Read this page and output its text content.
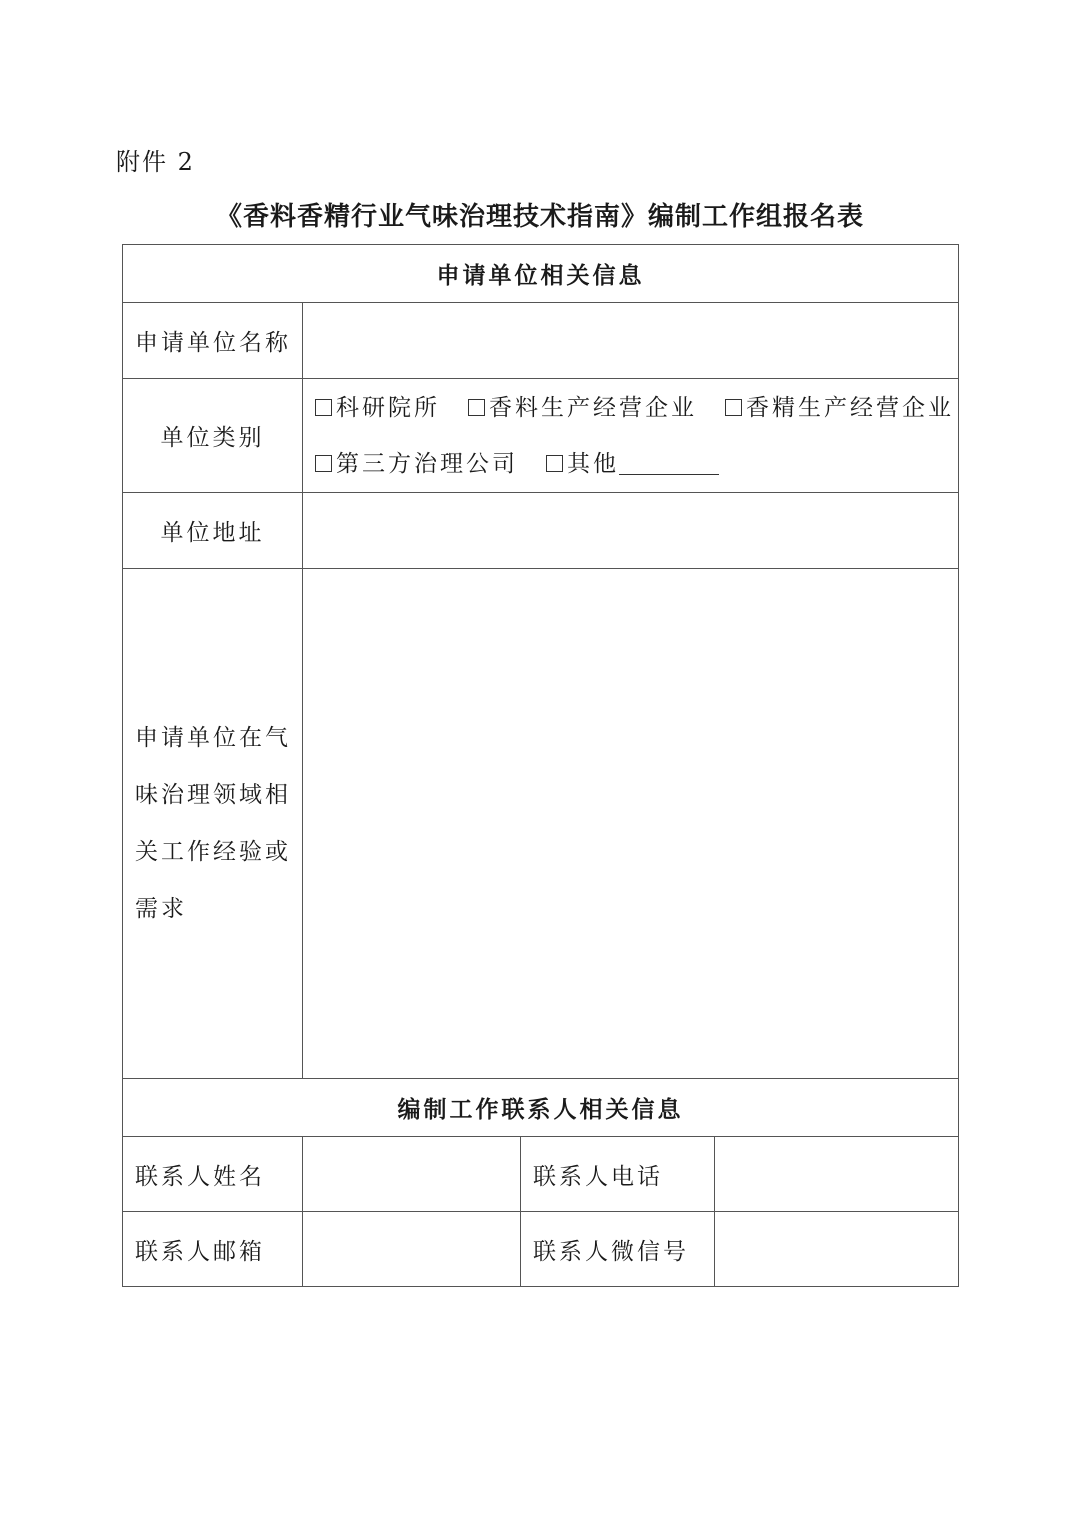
附件 2
《香料香精行业气味治理技术指南》编制工作组报名表
申请单位相关信息			
申请单位名称			
单位类别	科研院所 香料生产经营企业 香精生产经营企业
第三方治理公司 其他		

单位地址			

申请单位在气
味治理领域相
关工作经验或
需求			

编制工作联系人相关信息			
联系人姓名		联系人电话	
联系人邮箱		联系人微信号	
